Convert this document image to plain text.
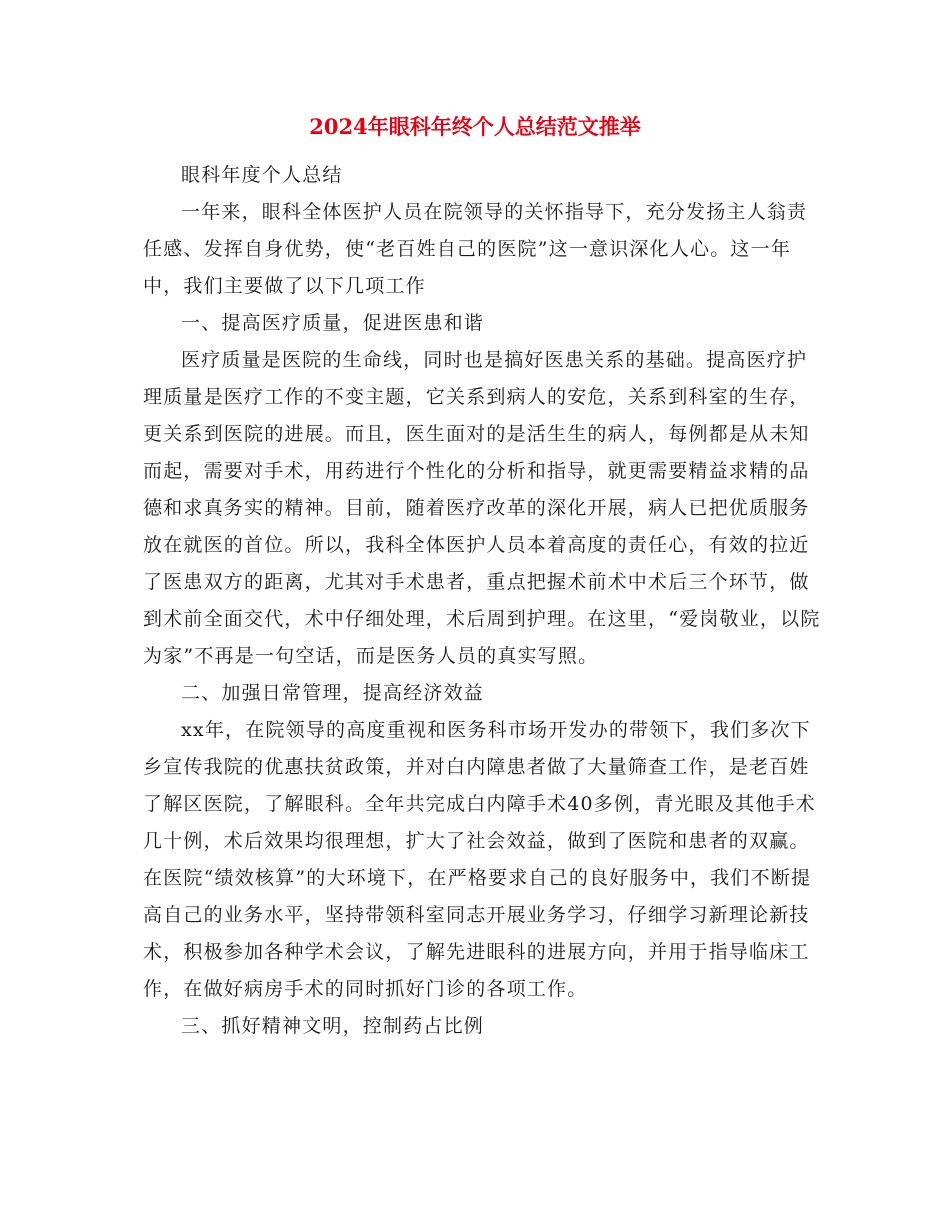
2024年眼科年终个人总结范文推举

眼科年度个人总结

一年来，眼科全体医护人员在院领导的关怀指导下，充分发扬主人翁责任感、发挥自身优势，使“老百姓自己的医院”这一意识深化人心。这一年中，我们主要做了以下几项工作

一、提高医疗质量，促进医患和谐

医疗质量是医院的生命线，同时也是搞好医患关系的基础。提高医疗护理质量是医疗工作的不变主题，它关系到病人的安危，关系到科室的生存，更关系到医院的进展。而且，医生面对的是活生生的病人，每例都是从未知而起，需要对手术，用药进行个性化的分析和指导，就更需要精益求精的品德和求真务实的精神。目前，随着医疗改革的深化开展，病人已把优质服务放在就医的首位。所以，我科全体医护人员本着高度的责任心，有效的拉近了医患双方的距离，尤其对手术患者，重点把握术前术中术后三个环节，做到术前全面交代，术中仔细处理，术后周到护理。在这里，“爱岗敬业，以院为家”不再是一句空话，而是医务人员的真实写照。

二、加强日常管理，提高经济效益

xx年，在院领导的高度重视和医务科市场开发办的带领下，我们多次下乡宣传我院的优惠扶贫政策，并对白内障患者做了大量筛查工作，是老百姓了解区医院，了解眼科。全年共完成白内障手术40多例，青光眼及其他手术几十例，术后效果均很理想，扩大了社会效益，做到了医院和患者的双赢。在医院“绩效核算”的大环境下，在严格要求自己的良好服务中，我们不断提高自己的业务水平，坚持带领科室同志开展业务学习，仔细学习新理论新技术，积极参加各种学术会议，了解先进眼科的进展方向，并用于指导临床工作，在做好病房手术的同时抓好门诊的各项工作。

三、抓好精神文明，控制药占比例
